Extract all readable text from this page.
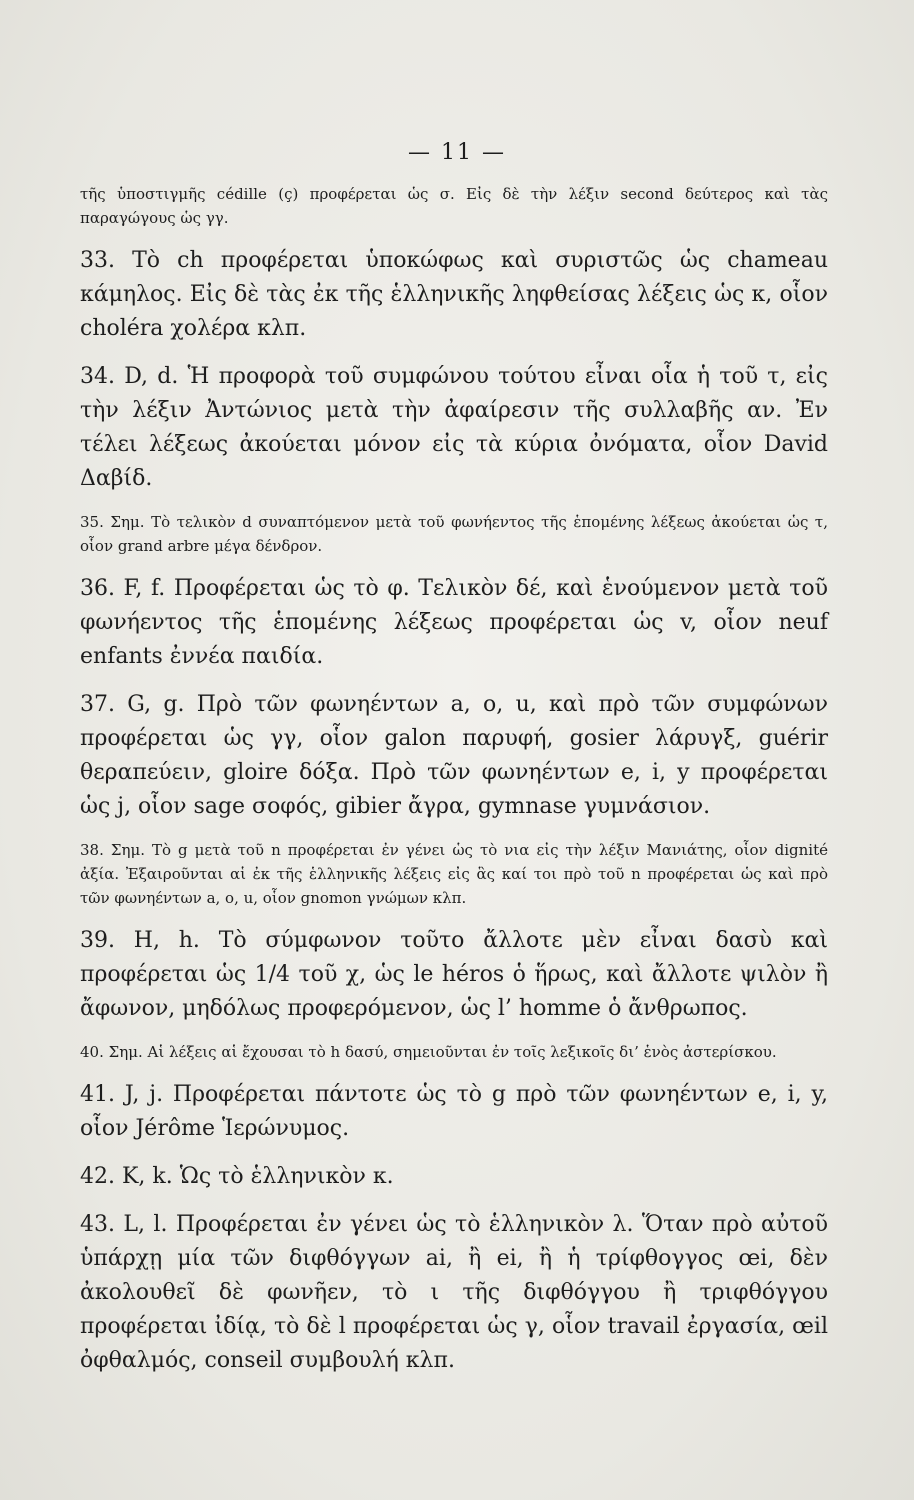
— 11 —

τῆς ὑποστιγμῆς cédille (ç) προφέρεται ὡς σ. Εἰς δὲ τὴν λέξιν second δεύτερος καὶ τὰς παραγώγους ὡς γγ.

33. Τὸ ch προφέρεται ὑποκώφως καὶ συριστῶς ὡς chameau κάμηλος. Εἰς δὲ τὰς ἐκ τῆς ἑλληνικῆς ληφθείσας λέξεις ὡς κ, οἷον choléra χολέρα κλπ.

34. D, d. Ἡ προφορὰ τοῦ συμφώνου τούτου εἶναι οἷα ἡ τοῦ τ, εἰς τὴν λέξιν Ἀντώνιος μετὰ τὴν ἀφαίρεσιν τῆς συλλαβῆς αν. Ἐν τέλει λέξεως ἀκούεται μόνον εἰς τὰ κύρια ὀνόματα, οἷον David Δαβίδ.

35. Σημ. Τὸ τελικὸν d συναπτόμενον μετὰ τοῦ φωνήεντος τῆς ἑπομένης λέξεως ἀκούεται ὡς τ, οἷον grand arbre μέγα δένδρον.

36. F, f. Προφέρεται ὡς τὸ φ. Τελικὸν δέ, καὶ ἑνούμενον μετὰ τοῦ φωνήεντος τῆς ἑπομένης λέξεως προφέρεται ὡς v, οἷον neuf enfants ἐννέα παιδία.

37. G, g. Πρὸ τῶν φωνηέντων a, o, u, καὶ πρὸ τῶν συμφώνων προφέρεται ὡς γγ, οἷον galon παρυφή, gosier λάρυγξ, guérir θεραπεύειν, gloire δόξα. Πρὸ τῶν φωνηέντων e, i, y προφέρεται ὡς j, οἷον sage σοφός, gibier ἄγρα, gymnase γυμνάσιον.

38. Σημ. Τὸ g μετὰ τοῦ n προφέρεται ἐν γένει ὡς τὸ νια εἰς τὴν λέξιν Μανιάτης, οἷον dignité ἀξία. Ἐξαιροῦνται αἱ ἐκ τῆς ἑλληνικῆς λέξεις εἰς ἃς καί τοι πρὸ τοῦ n προφέρεται ὡς καὶ πρὸ τῶν φωνηέντων a, o, u, οἷον gnomon γνώμων κλπ.

39. H, h. Τὸ σύμφωνον τοῦτο ἄλλοτε μὲν εἶναι δασὺ καὶ προφέρεται ὡς 1/4 τοῦ χ, ὡς le héros ὁ ἥρως, καὶ ἄλλοτε ψιλὸν ἢ ἄφωνον, μηδόλως προφερόμενον, ὡς l’ homme ὁ ἄνθρωπος.

40. Σημ. Αἱ λέξεις αἱ ἔχουσαι τὸ h δασύ, σημειοῦνται ἐν τοῖς λεξικοῖς δι’ ἑνὸς ἀστερίσκου.

41. J, j. Προφέρεται πάντοτε ὡς τὸ g πρὸ τῶν φωνηέντων e, i, y, οἷον Jérôme Ἱερώνυμος.

42. K, k. Ὡς τὸ ἑλληνικὸν κ.

43. L, l. Προφέρεται ἐν γένει ὡς τὸ ἑλληνικὸν λ. Ὅταν πρὸ αὐτοῦ ὑπάρχῃ μία τῶν διφθόγγων ai, ἢ ei, ἢ ἡ τρίφθογγος œi, δὲν ἀκολουθεῖ δὲ φωνῆεν, τὸ ι τῆς διφθόγγου ἢ τριφθόγγου προφέρεται ἰδίᾳ, τὸ δὲ l προφέρεται ὡς γ, οἷον travail ἐργασία, œil ὀφθαλμός, conseil συμβουλή κλπ.
